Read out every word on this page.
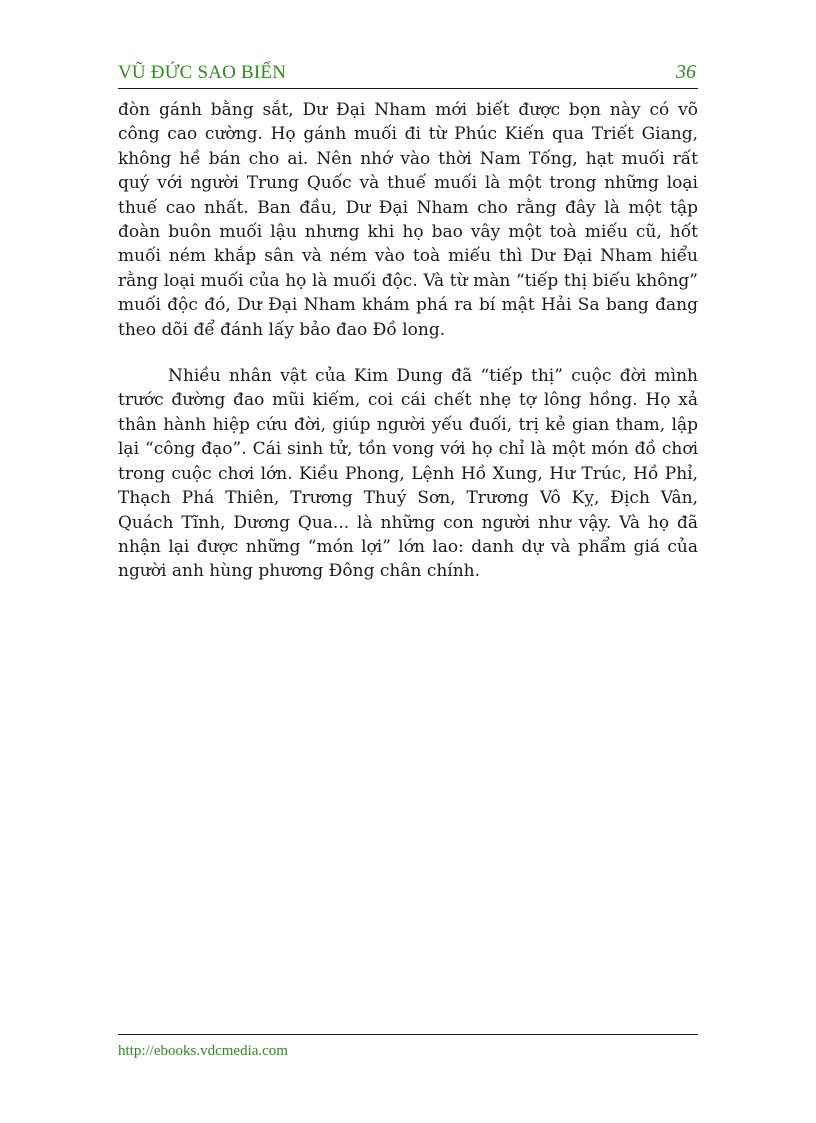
VŨ ĐỨC SAO BIỂN	36

đòn gánh bằng sắt, Dư Đại Nham mới biết được bọn này có võ công cao cường. Họ gánh muối đi từ Phúc Kiến qua Triết Giang, không hề bán cho ai. Nên nhớ vào thời Nam Tống, hạt muối rất quý với người Trung Quốc và thuế muối là một trong những loại thuế cao nhất. Ban đầu, Dư Đại Nham cho rằng đây là một tập đoàn buôn muối lậu nhưng khi họ bao vây một toà miếu cũ, hốt muối ném khắp sân và ném vào toà miếu thì Dư Đại Nham hiểu rằng loại muối của họ là muối độc. Và từ màn “tiếp thị biếu không” muối độc đó, Dư Đại Nham khám phá ra bí mật Hải Sa bang đang theo dõi để đánh lấy bảo đao Đồ long.

Nhiều nhân vật của Kim Dung đã “tiếp thị” cuộc đời mình trước đường đao mũi kiếm, coi cái chết nhẹ tợ lông hồng. Họ xả thân hành hiệp cứu đời, giúp người yếu đuối, trị kẻ gian tham, lập lại “công đạo”. Cái sinh tử, tồn vong với họ chỉ là một món đồ chơi trong cuộc chơi lớn. Kiều Phong, Lệnh Hồ Xung, Hư Trúc, Hồ Phỉ, Thạch Phá Thiên, Trương Thuý Sơn, Trương Vô Kỵ, Địch Vân, Quách Tĩnh, Dương Qua... là những con người như vậy. Và họ đã nhận lại được những “món lợi” lớn lao: danh dự và phẩm giá của người anh hùng phương Đông chân chính.

http://ebooks.vdcmedia.com
